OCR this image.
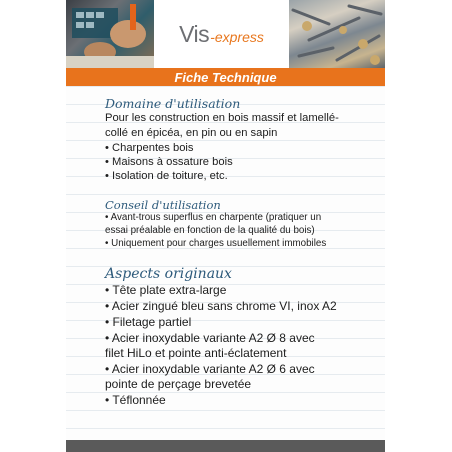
Vis -express
Fiche Technique
Domaine d'utilisation
Pour les construction en bois massif et lamellé-
collé en épicéa, en pin ou en sapin
• Charpentes bois
• Maisons à ossature bois
• Isolation de toiture, etc.
Conseil d'utilisation
• Avant-trous superflus en charpente (pratiquer un
essai préalable en fonction de la qualité du bois)
• Uniquement pour charges usuellement immobiles
Aspects originaux
• Tête plate extra-large
• Acier zingué bleu sans chrome VI, inox A2
• Filetage partiel
• Acier inoxydable variante A2 Ø 8 avec
filet HiLo et pointe anti-éclatement
• Acier inoxydable variante A2 Ø 6 avec
pointe de perçage brevetée
• Téflonnée
